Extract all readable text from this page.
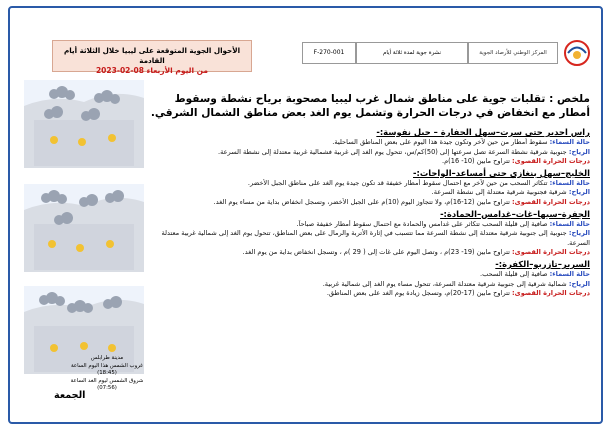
الأحوال الجوية المتوقعة على ليبيا خلال الثلاثة أيام القادمة
من اليوم الأربعاء 08-02-2023
F-270-001	نشرة جوية لمدة ثلاثة أيام	المركز الوطني للأرصاد الجوية
ملخص : تقلبات جوية على مناطق شمال غرب ليبيا مصحوبة برياح نشطة وسقوط أمطار مع انخفاض في درجات الحرارة وتشمل يوم الغد بعض مناطق الشمال الشرقي.
راس اجدير حتى سرت–سهل الجفارة – جبل نفوسة:-
حالة السماء: سقوط أمطار من حين لآخر وتكون جيدة هذا اليوم على بعض المناطق الساحلية.
الرياح: جنوبية شرقية نشطة السرعة تصل سرعتها إلى (50)كم/س، تتحول يوم الغد إلى غربية فشمالية غربية معتدلة إلى نشطة السرعة.
درجات الحرارة القصوى: تتراوح مابين (10- 16)م.
الخليج–سهل بنغازي حتى أمساعد–الواحات:-
حالة السماء: تتكاثر السحب من حين لآخر مع احتمال سقوط أمطار خفيفة قد تكون جيدة يوم الغد على مناطق الجبل الأخضر.
الرياح: شرقية فجنوبية شرقية معتدلة إلى نشطة السرعة.
درجات الحرارة القصوى: تتراوح مابين (12-16)م، ولا تتجاوز اليوم (10)م على الجبل الأخضر، وتسجل انخفاض بداية من مساء يوم الغد.
الجفرة–سبها–غات–غدامس–الحمادة:-
حالة السماء: صافية إلى قليلة السحب تتكاثر على غدامس والحمادة مع احتمال سقوط أمطار خفيفة صباحاً.
الرياح: جنوبية إلى جنوبية شرقية معتدلة إلى نشطة السرعة مما تتسبب في إثارة الأتربة والرمال على بعض المناطق، تتحول يوم الغد إلى شمالية غربية معتدلة السرعة.
درجات الحرارة القصوى: تتراوح مابين (19- 23)م ، وتصل اليوم على غات إلى ( 29 )م ، وتسجل انخفاض بداية من يوم الغد.
السرير–تازربو–الكفرة:-
حالة السماء: صافية إلى قليلة السحب.
الرياح: شمالية شرقية إلى جنوبية شرقية معتدلة السرعة، تتحول مساء يوم الغد إلى شمالية غربية.
درجات الحرارة القصوى: تتراوح مابين (17-20)م، وتسجل زيادة يوم الغد على بعض المناطق.
الجمعة
مدينة طرابلس
غروب الشمس هذا اليوم الساعة (18:45)
شروق الشمس ليوم الغد الساعة (07:56)
